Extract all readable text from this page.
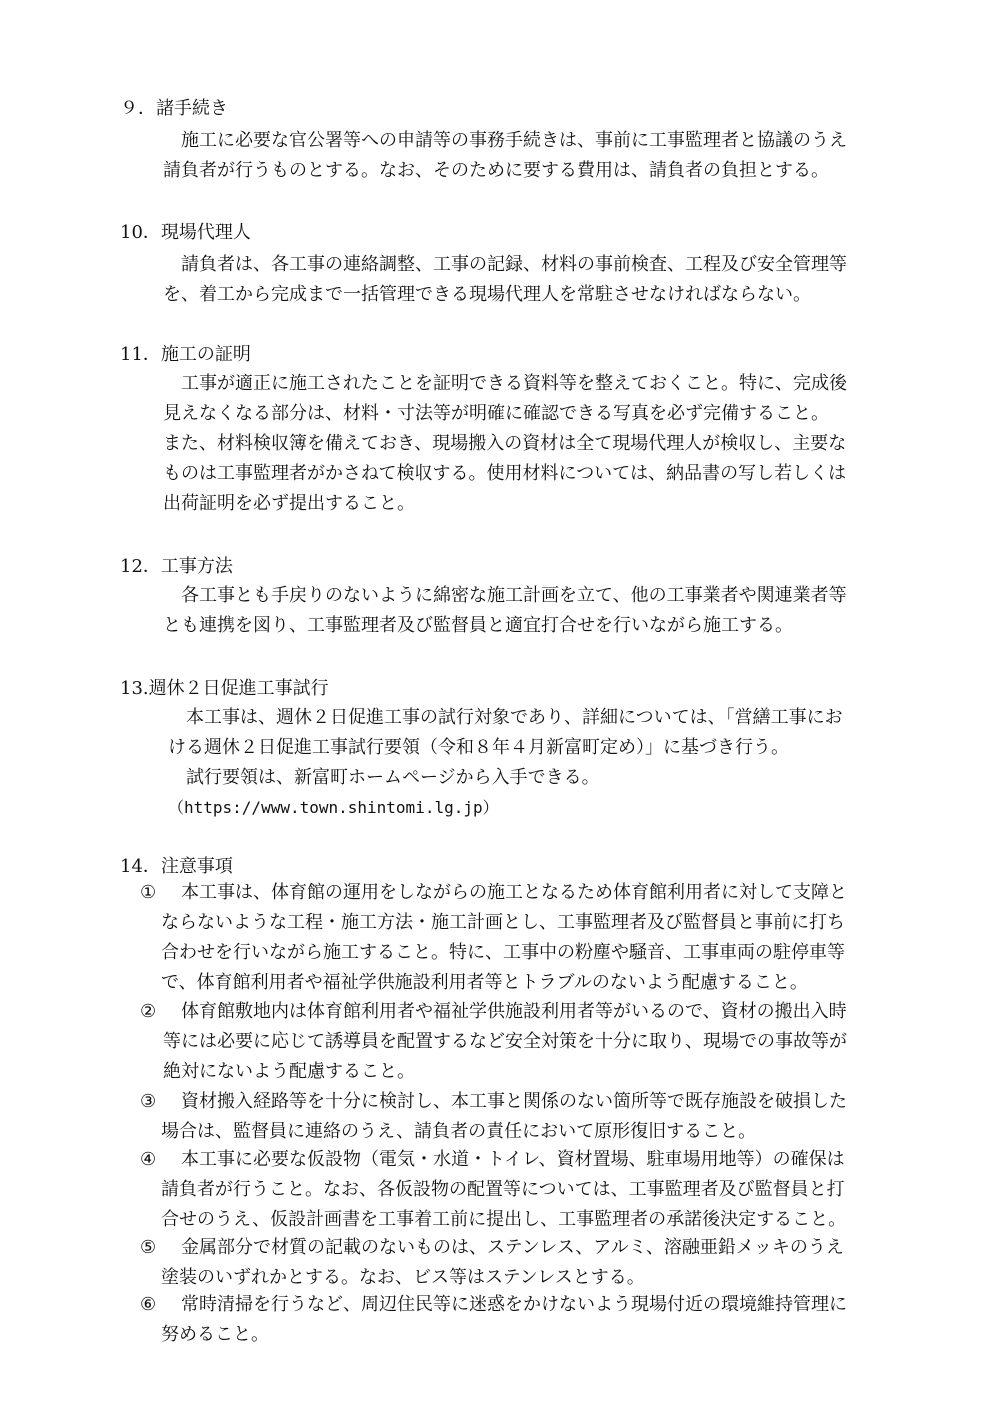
９．諸手続き

　施工に必要な官公署等への申請等の事務手続きは、事前に工事監理者と協議のうえ
請負者が行うものとする。なお、そのために要する費用は、請負者の負担とする。

10．現場代理人

　請負者は、各工事の連絡調整、工事の記録、材料の事前検査、工程及び安全管理等
を、着工から完成まで一括管理できる現場代理人を常駐させなければならない。

11．施工の証明

　工事が適正に施工されたことを証明できる資料等を整えておくこと。特に、完成後
見えなくなる部分は、材料・寸法等が明確に確認できる写真を必ず完備すること。
また、材料検収簿を備えておき、現場搬入の資材は全て現場代理人が検収し、主要な
ものは工事監理者がかさねて検収する。使用材料については、納品書の写し若しくは
出荷証明を必ず提出すること。

12．工事方法

　各工事とも手戻りのないように綿密な施工計画を立て、他の工事業者や関連業者等
とも連携を図り、工事監理者及び監督員と適宜打合せを行いながら施工する。

13.週休２日促進工事試行

　本工事は、週休２日促進工事の試行対象であり、詳細については、「営繕工事にお
ける週休２日促進工事試行要領（令和８年４月新富町定め）」に基づき行う。
　試行要領は、新富町ホームページから入手できる。
（https://www.town.shintomi.lg.jp）

14．注意事項
① 本工事は、体育館の運用をしながらの施工となるため体育館利用者に対して支障と
ならないような工程・施工方法・施工計画とし、工事監理者及び監督員と事前に打ち
合わせを行いながら施工すること。特に、工事中の粉塵や騒音、工事車両の駐停車等
で、体育館利用者や福祉学供施設利用者等とトラブルのないよう配慮すること。

② 体育館敷地内は体育館利用者や福祉学供施設利用者等がいるので、資材の搬出入時
等には必要に応じて誘導員を配置するなど安全対策を十分に取り、現場での事故等が
絶対にないよう配慮すること。

③ 資材搬入経路等を十分に検討し、本工事と関係のない箇所等で既存施設を破損した
場合は、監督員に連絡のうえ、請負者の責任において原形復旧すること。

④ 本工事に必要な仮設物（電気・水道・トイレ、資材置場、駐車場用地等）の確保は
請負者が行うこと。なお、各仮設物の配置等については、工事監理者及び監督員と打
合せのうえ、仮設計画書を工事着工前に提出し、工事監理者の承諾後決定すること。

⑤ 金属部分で材質の記載のないものは、ステンレス、アルミ、溶融亜鉛メッキのうえ
塗装のいずれかとする。なお、ビス等はステンレスとする。

⑥ 常時清掃を行うなど、周辺住民等に迷惑をかけないよう現場付近の環境維持管理に
努めること。
